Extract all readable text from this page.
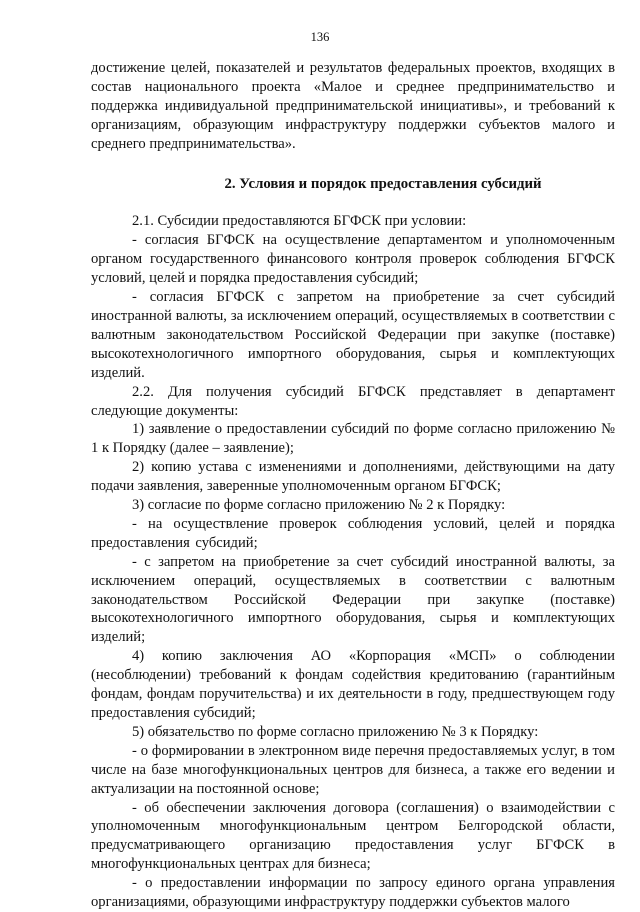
136

достижение целей, показателей и результатов федеральных проектов, входящих в состав национального проекта «Малое и среднее предпринимательство и поддержка индивидуальной предпринимательской инициативы», и требований к организациям, образующим инфраструктуру поддержки субъектов малого и среднего предпринимательства».

2. Условия и порядок предоставления субсидий

2.1. Субсидии предоставляются БГФСК при условии:

- согласия БГФСК на осуществление департаментом и уполномоченным органом государственного финансового контроля проверок соблюдения БГФСК условий, целей и порядка предоставления субсидий;

- согласия БГФСК с запретом на приобретение за счет субсидий иностранной валюты, за исключением операций, осуществляемых в соответствии с валютным законодательством Российской Федерации при закупке (поставке) высокотехнологичного импортного оборудования, сырья и комплектующих изделий.

2.2. Для получения субсидий БГФСК представляет в департамент следующие документы:

1) заявление о предоставлении субсидий по форме согласно приложению № 1 к Порядку (далее – заявление);

2) копию устава с изменениями и дополнениями, действующими на дату подачи заявления, заверенные уполномоченным органом БГФСК;

3) согласие по форме согласно приложению № 2 к Порядку:

- на осуществление проверок соблюдения условий, целей и порядка предоставления субсидий;

- с запретом на приобретение за счет субсидий иностранной валюты, за исключением операций, осуществляемых в соответствии с валютным законодательством Российской Федерации при закупке (поставке) высокотехнологичного импортного оборудования, сырья и комплектующих изделий;

4) копию заключения АО «Корпорация «МСП» о соблюдении (несоблюдении) требований к фондам содействия кредитованию (гарантийным фондам, фондам поручительства) и их деятельности в году, предшествующем году предоставления субсидий;

5) обязательство по форме согласно приложению № 3 к Порядку:

- о формировании в электронном виде перечня предоставляемых услуг, в том числе на базе многофункциональных центров для бизнеса, а также его ведении и актуализации на постоянной основе;

- об обеспечении заключения договора (соглашения) о взаимодействии с уполномоченным многофункциональным центром Белгородской области, предусматривающего организацию предоставления услуг БГФСК в многофункциональных центрах для бизнеса;

- о предоставлении информации по запросу единого органа управления организациями, образующими инфраструктуру поддержки субъектов малого
